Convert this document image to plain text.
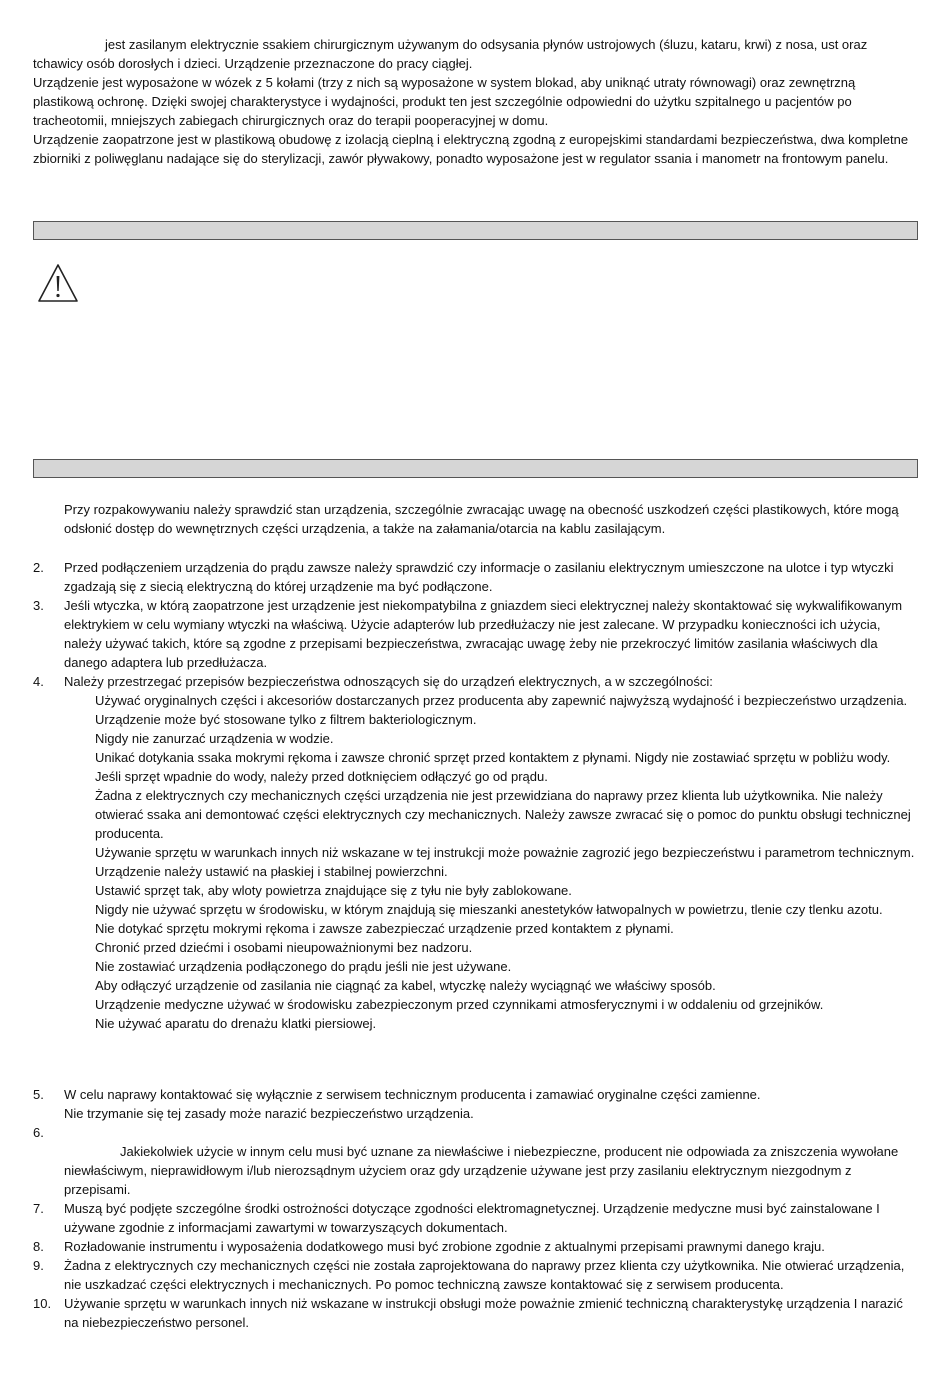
jest zasilanym elektrycznie ssakiem chirurgicznym używanym do odsysania płynów ustrojowych (śluzu, kataru, krwi) z nosa, ust oraz tchawicy osób dorosłych i dzieci. Urządzenie przeznaczone do pracy ciągłej.

Urządzenie jest wyposażone w wózek z 5 kołami (trzy z nich są wyposażone w system blokad, aby uniknąć utraty równowagi) oraz zewnętrzną plastikową ochronę. Dzięki swojej charakterystyce i wydajności, produkt ten jest szczególnie odpowiedni do użytku szpitalnego u pacjentów po tracheotomii, mniejszych zabiegach chirurgicznych oraz do terapii pooperacyjnej w domu.

Urządzenie zaopatrzone jest w plastikową obudowę z izolacją cieplną i elektryczną zgodną z europejskimi standardami bezpieczeństwa, dwa kompletne zbiorniki z poliwęglanu nadające się do sterylizacji, zawór pływakowy, ponadto wyposażone jest w regulator ssania i manometr na frontowym panelu.

Przy rozpakowywaniu należy sprawdzić stan urządzenia, szczególnie zwracając uwagę na obecność uszkodzeń części plastikowych, które mogą odsłonić dostęp do wewnętrznych części urządzenia, a także na załamania/otarcia na kablu zasilającym.
2.	Przed podłączeniem urządzenia do prądu zawsze należy sprawdzić czy informacje o zasilaniu elektrycznym umieszczone na ulotce i typ wtyczki zgadzają się z siecią elektryczną do której urządzenie ma być podłączone.
3.	Jeśli wtyczka, w którą zaopatrzone jest urządzenie jest niekompatybilna z gniazdem sieci elektrycznej należy skontaktować się wykwalifikowanym elektrykiem w celu wymiany wtyczki na właściwą. Użycie adapterów lub przedłużaczy nie jest zalecane. W przypadku konieczności ich użycia, należy używać takich, które są zgodne z przepisami bezpieczeństwa, zwracając uwagę żeby nie przekroczyć limitów zasilania właściwych dla danego adaptera lub przedłużacza.
4.	Należy przestrzegać przepisów bezpieczeństwa odnoszących się do urządzeń elektrycznych, a w szczególności:
Używać oryginalnych części i akcesoriów dostarczanych przez producenta aby zapewnić najwyższą wydajność i bezpieczeństwo urządzenia.
Urządzenie może być stosowane tylko z filtrem bakteriologicznym.
Nigdy nie zanurzać urządzenia w wodzie.
Unikać dotykania ssaka mokrymi rękoma i zawsze chronić sprzęt przed kontaktem z płynami. Nigdy nie zostawiać sprzętu w pobliżu wody. Jeśli sprzęt wpadnie do wody, należy przed dotknięciem odłączyć go od prądu.
Żadna z elektrycznych czy mechanicznych części urządzenia nie jest przewidziana do naprawy przez klienta lub użytkownika. Nie należy otwierać ssaka ani demontować części elektrycznych czy mechanicznych. Należy zawsze zwracać się o pomoc do punktu obsługi technicznej producenta.
Używanie sprzętu w warunkach innych niż wskazane w tej instrukcji może poważnie zagrozić jego bezpieczeństwu i parametrom technicznym.
Urządzenie należy ustawić na płaskiej i stabilnej powierzchni.
Ustawić sprzęt tak, aby wloty powietrza znajdujące się z tyłu nie były zablokowane.
Nigdy nie używać sprzętu w środowisku, w którym znajdują się mieszanki anestetyków łatwopalnych w powietrzu, tlenie czy tlenku azotu.
Nie dotykać sprzętu mokrymi rękoma i zawsze zabezpieczać urządzenie przed kontaktem z płynami.
Chronić przed dziećmi i osobami nieupoważnionymi bez nadzoru.
Nie zostawiać urządzenia podłączonego do prądu jeśli nie jest używane.
Aby odłączyć urządzenie od zasilania nie ciągnąć za kabel, wtyczkę należy wyciągnąć we właściwy sposób.
Urządzenie medyczne używać w środowisku zabezpieczonym przed czynnikami atmosferycznymi i w oddaleniu od grzejników.
Nie używać aparatu do drenażu klatki piersiowej.
5.	W celu naprawy kontaktować się wyłącznie z serwisem technicznym producenta i zamawiać oryginalne części zamienne.
Nie trzymanie się tej zasady może narazić bezpieczeństwo urządzenia.
6.
Jakiekolwiek użycie w innym celu musi być uznane za niewłaściwe i niebezpieczne, producent nie odpowiada za zniszczenia wywołane niewłaściwym, nieprawidłowym i/lub nierozsądnym użyciem oraz gdy urządzenie używane jest przy zasilaniu elektrycznym niezgodnym z przepisami.
7.	Muszą być podjęte szczególne środki ostrożności dotyczące zgodności elektromagnetycznej. Urządzenie medyczne musi być zainstalowane I używane zgodnie z informacjami zawartymi w towarzyszących dokumentach.
8.	Rozładowanie instrumentu i wyposażenia dodatkowego musi być zrobione zgodnie z aktualnymi przepisami prawnymi danego kraju.
9.	Żadna z elektrycznych czy mechanicznych części nie została zaprojektowana do naprawy przez klienta czy użytkownika. Nie otwierać urządzenia, nie uszkadzać części elektrycznych i mechanicznych. Po pomoc techniczną zawsze kontaktować się z serwisem producenta.
10. Używanie sprzętu w warunkach innych niż wskazane w instrukcji obsługi może poważnie zmienić techniczną charakterystykę urządzenia I narazić na niebezpieczeństwo personel.
